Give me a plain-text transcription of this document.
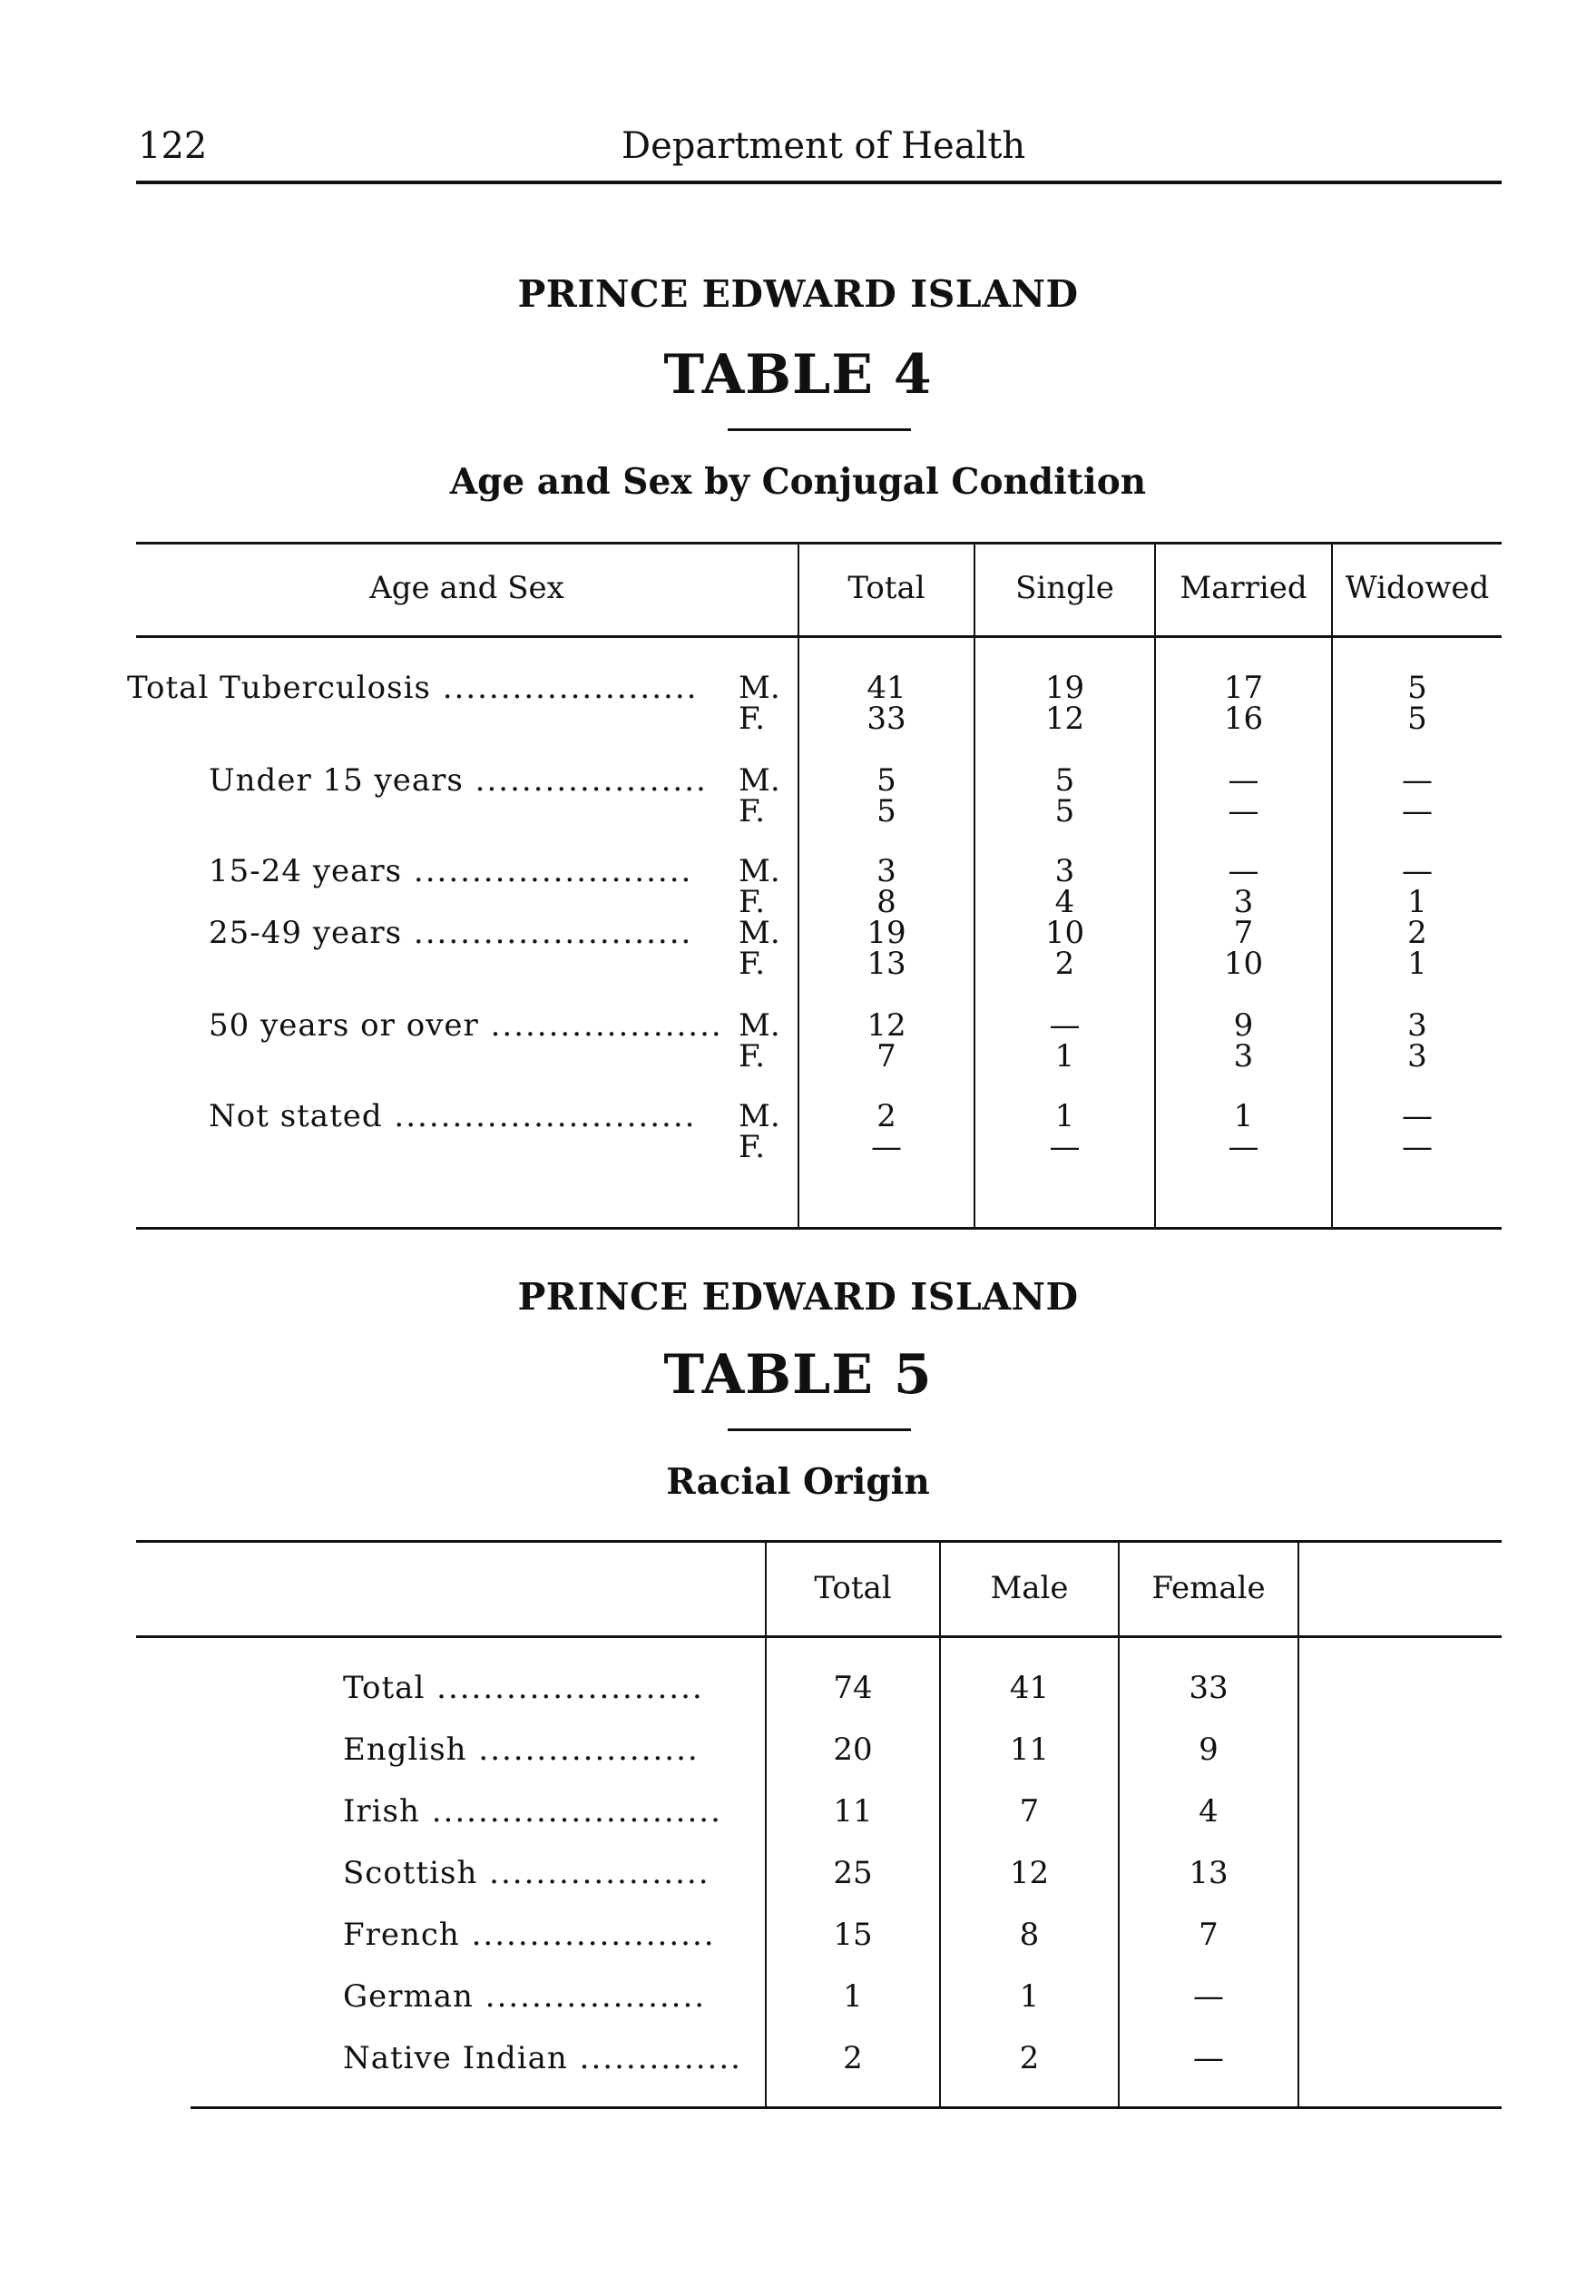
122	Department of Health
PRINCE EDWARD ISLAND
TABLE 4
Age and Sex by Conjugal Condition
Age and Sex	Total	Single	Married	Widowed
Total Tuberculosis ...................... M.	41	19	17	5
F.	33	12	16	5
Under 15 years .................... M.	5	5	—	—
F.	5	5	—	—
15-24 years ........................ M.	3	3	—	—
F.	8	4	3	1
25-49 years ........................ M.	19	10	7	2
F.	13	2	10	1
50 years or over .................... M.	12	—	9	3
F.	7	1	3	3
Not stated .......................... M.	2	1	1	—
F.	—	—	—	—
PRINCE EDWARD ISLAND
TABLE 5
Racial Origin
Total	Male	Female
Total .......................	74	41	33
English ...................	20	11	9
Irish .........................	11	7	4
Scottish ...................	25	12	13
French .....................	15	8	7
German ...................	1	1	—
Native Indian ..............	2	2	—
